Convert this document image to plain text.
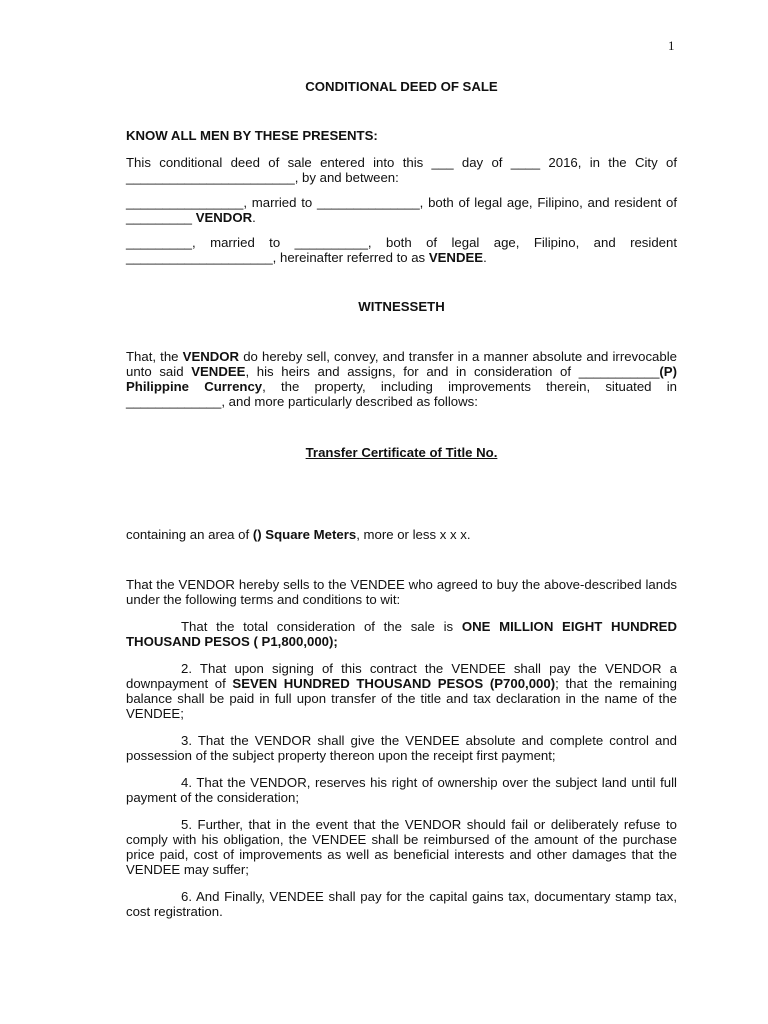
1

CONDITIONAL DEED OF SALE

KNOW ALL MEN BY THESE PRESENTS:

This conditional deed of sale entered into this ___ day of ____ 2016, in the City of _______________________, by and between:

________________, married to ______________, both of legal age, Filipino, and resident of _________ VENDOR.

_________, married to __________, both of legal age, Filipino, and resident ____________________, hereinafter referred to as VENDEE.

WITNESSETH

That, the VENDOR do hereby sell, convey, and transfer in a manner absolute and irrevocable unto said VENDEE, his heirs and assigns, for and in consideration of ___________(P) Philippine Currency, the property, including improvements therein, situated in _____________, and more particularly described as follows:

Transfer Certificate of Title No.

containing an area of () Square Meters, more or less x x x.

That the VENDOR hereby sells to the VENDEE who agreed to buy the above-described lands under the following terms and conditions to wit:

That the total consideration of the sale is ONE MILLION EIGHT HUNDRED THOUSAND PESOS ( P1,800,000);

2. That upon signing of this contract the VENDEE shall pay the VENDOR a downpayment of SEVEN HUNDRED THOUSAND PESOS (P700,000); that the remaining balance shall be paid in full upon transfer of the title and tax declaration in the name of the VENDEE;

3. That the VENDOR shall give the VENDEE absolute and complete control and possession of the subject property thereon upon the receipt first payment;

4. That the VENDOR, reserves his right of ownership over the subject land until full payment of the consideration;

5. Further, that in the event that the VENDOR should fail or deliberately refuse to comply with his obligation, the VENDEE shall be reimbursed of the amount of the purchase price paid, cost of improvements as well as beneficial interests and other damages that the VENDEE may suffer;

6. And Finally, VENDEE shall pay for the capital gains tax, documentary stamp tax, cost registration.
